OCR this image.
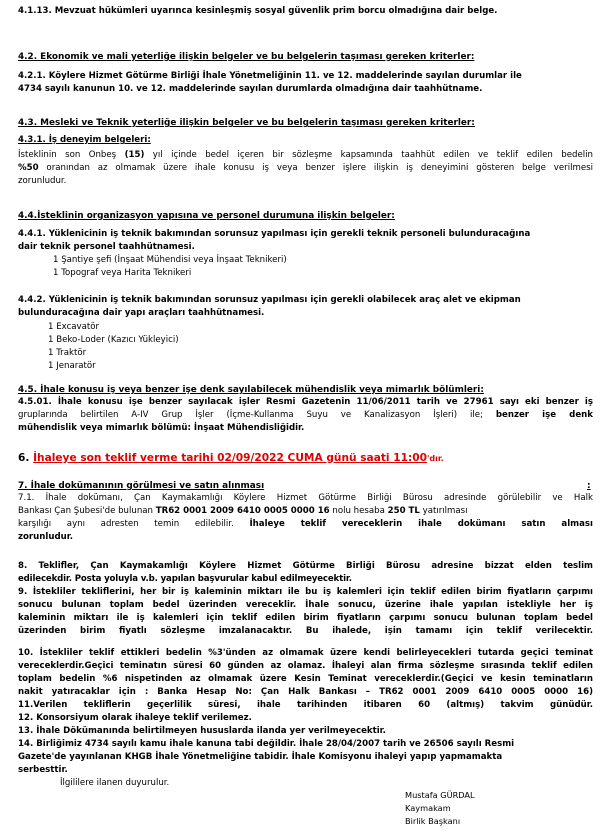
4.1.13. Mevzuat hükümleri uyarınca kesinleşmiş sosyal güvenlik prim borcu olmadığına dair belge.
4.2. Ekonomik ve mali yeterliğe ilişkin belgeler ve bu belgelerin taşıması gereken kriterler:
4.2.1. Köylere Hizmet Götürme Birliği İhale Yönetmeliğinin 11. ve 12. maddelerinde sayılan durumlar ile
4734 sayılı kanunun 10. ve 12. maddelerinde sayılan durumlarda olmadığına dair taahhütname.
4.3. Mesleki ve Teknik yeterliğe ilişkin belgeler ve bu belgelerin taşıması gereken kriterler:
4.3.1. İş deneyim belgeleri:
İsteklinin son Onbeş (15) yıl içinde bedel içeren bir sözleşme kapsamında taahhüt edilen ve teklif edilen bedelin
%50 oranından az olmamak üzere ihale konusu iş veya benzer işlere ilişkin iş deneyimini gösteren belge verilmesi
zorunludur.
4.4.İsteklinin organizasyon yapısına ve personel durumuna ilişkin belgeler:
4.4.1. Yüklenicinin iş teknik bakımından sorunsuz yapılması için gerekli teknik personeli bulunduracağına
dair teknik personel taahhütnamesi.
1 Şantiye şefi (İnşaat Mühendisi veya İnşaat Teknikeri)
1 Topograf veya Harita Teknikeri
4.4.2. Yüklenicinin iş teknik bakımından sorunsuz yapılması için gerekli olabilecek araç alet ve ekipman
bulunduracağına dair yapı araçları taahhütnamesi.
1 Excavatör
1 Beko-Loder (Kazıcı Yükleyici)
1 Traktör
1 Jenaratör
4.5. İhale konusu iş veya benzer işe denk sayılabilecek mühendislik veya mimarlık bölümleri:
4.5.01. İhale konusu işe benzer sayılacak işler Resmi Gazetenin 11/06/2011 tarih ve 27961 sayı eki benzer iş
gruplarında belirtilen A-IV Grup İşler (İçme-Kullanma Suyu ve Kanalizasyon İşleri) ile; benzer işe denk
mühendislik veya mimarlık bölümü: İnşaat Mühendisliğidir.
6. İhaleye son teklif verme tarihi 02/09/2022 CUMA günü saati 11:00'dır.
7. İhale dokümanının görülmesi ve satın alınması	:
7.1. İhale dokümanı, Çan Kaymakamlığı Köylere Hizmet Götürme Birliği Bürosu adresinde görülebilir ve Halk
Bankası Çan Şubesi'de bulunan TR62 0001 2009 6410 0005 0000 16 nolu hesaba 250 TL yatırılması
karşılığı aynı adresten temin edilebilir. İhaleye teklif vereceklerin ihale dokümanı satın alması
zorunludur.
8. Teklifler, Çan Kaymakamlığı Köylere Hizmet Götürme Birliği Bürosu adresine bizzat elden teslim
edilecekdir. Posta yoluyla v.b. yapılan başvurular kabul edilmeyecektir.
9. İstekliler tekliflerini, her bir iş kaleminin miktarı ile bu iş kalemleri için teklif edilen birim fiyatların çarpımı
sonucu bulunan toplam bedel üzerinden vereceklir. İhale sonucu, üzerine ihale yapılan istekliyle her iş
kaleminin miktarı ile iş kalemleri için teklif edilen birim fiyatların çarpımı sonucu bulunan toplam bedel
üzerinden birim fiyatlı sözleşme imzalanacaktır. Bu ihalede, işin tamamı için teklif verilecektir.
10. İstekliler teklif ettikleri bedelin %3'ünden az olmamak üzere kendi belirleyecekleri tutarda geçici teminat
vereceklerdir.Geçici teminatın süresi 60 günden az olamaz. İhaleyi alan firma sözleşme sırasında teklif edilen
toplam bedelin %6 nispetinden az olmamak üzere Kesin Teminat vereceklerdir.(Geçici ve kesin teminatların
nakit yatıracaklar için : Banka Hesap No: Çan Halk Bankası – TR62 0001 2009 6410 0005 0000 16)
11.Verilen tekliflerin geçerlilik süresi, ihale tarihinden itibaren 60 (altmış) takvim günüdür.
12. Konsorsiyum olarak ihaleye teklif verilemez.
13. İhale Dökümanında belirtilmeyen hususlarda ilanda yer verilmeyecektir.
14. Birliğimiz 4734 sayılı kamu ihale kanuna tabi değildir. İhale 28/04/2007 tarih ve 26506 sayılı Resmi
Gazete'de yayınlanan KHGB İhale Yönetmeliğine tabidir. İhale Komisyonu ihaleyi yapıp yapmamakta
serbesttir.
İlgililere ilanen duyurulur.
Mustafa GÜRDAL
Kaymakam
Birlik Başkanı
